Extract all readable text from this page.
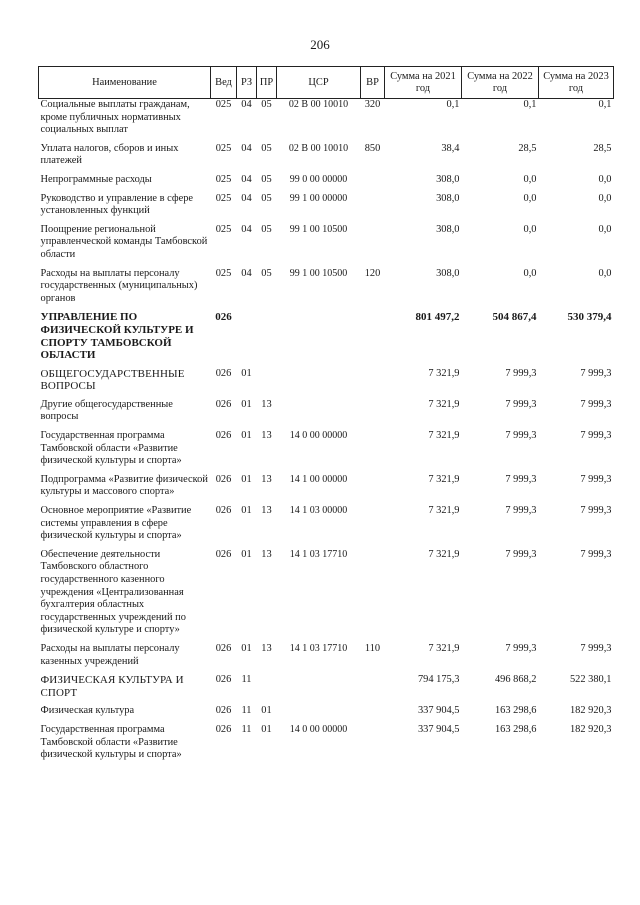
206
Наименование	Вед	РЗ	ПР	ЦСР	ВР	Сумма на 2021 год	Сумма на 2022 год	Сумма на 2023 год
Социальные выплаты гражданам, кроме публичных нормативных социальных выплат	025	04	05	02 В 00 10010	320	0,1	0,1	0,1
Уплата налогов, сборов и иных платежей	025	04	05	02 В 00 10010	850	38,4	28,5	28,5
Непрограммные расходы	025	04	05	99 0 00 00000		308,0	0,0	0,0
Руководство и управление в сфере установленных функций	025	04	05	99 1 00 00000		308,0	0,0	0,0
Поощрение региональной управленческой команды Тамбовской области	025	04	05	99 1 00 10500		308,0	0,0	0,0
Расходы на выплаты персоналу государственных (муниципальных) органов	025	04	05	99 1 00 10500	120	308,0	0,0	0,0
УПРАВЛЕНИЕ ПО ФИЗИЧЕСКОЙ КУЛЬТУРЕ И СПОРТУ ТАМБОВСКОЙ ОБЛАСТИ	026					801 497,2	504 867,4	530 379,4
ОБЩЕГОСУДАРСТВЕННЫЕ ВОПРОСЫ	026	01				7 321,9	7 999,3	7 999,3
Другие общегосударственные вопросы	026	01	13			7 321,9	7 999,3	7 999,3
Государственная программа Тамбовской области «Развитие физической культуры и спорта»	026	01	13	14 0 00 00000		7 321,9	7 999,3	7 999,3
Подпрограмма «Развитие физической культуры и массового спорта»	026	01	13	14 1 00 00000		7 321,9	7 999,3	7 999,3
Основное мероприятие «Развитие системы управления в сфере физической культуры и спорта»	026	01	13	14 1 03 00000		7 321,9	7 999,3	7 999,3
Обеспечение деятельности Тамбовского областного государственного казенного учреждения «Централизованная бухгалтерия областных государственных учреждений по физической культуре и спорту»	026	01	13	14 1 03 17710		7 321,9	7 999,3	7 999,3
Расходы на выплаты персоналу казенных учреждений	026	01	13	14 1 03 17710	110	7 321,9	7 999,3	7 999,3
ФИЗИЧЕСКАЯ КУЛЬТУРА И СПОРТ	026	11				794 175,3	496 868,2	522 380,1
Физическая культура	026	11	01			337 904,5	163 298,6	182 920,3
Государственная программа Тамбовской области «Развитие физической культуры и спорта»	026	11	01	14 0 00 00000		337 904,5	163 298,6	182 920,3
